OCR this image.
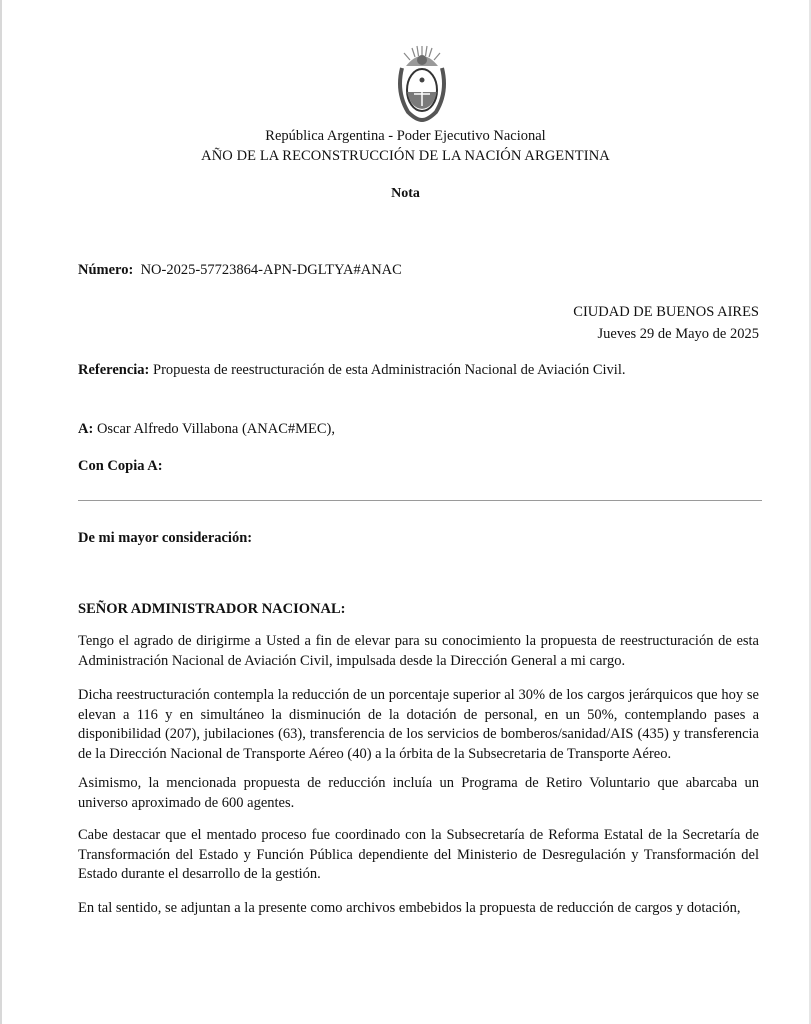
República Argentina - Poder Ejecutivo Nacional
AÑO DE LA RECONSTRUCCIÓN DE LA NACIÓN ARGENTINA
Nota
Número: NO-2025-57723864-APN-DGLTYA#ANAC
CIUDAD DE BUENOS AIRES
Jueves 29 de Mayo de 2025
Referencia: Propuesta de reestructuración de esta Administración Nacional de Aviación Civil.
A: Oscar Alfredo Villabona (ANAC#MEC),
Con Copia A:
De mi mayor consideración:
SEÑOR ADMINISTRADOR NACIONAL:
Tengo el agrado de dirigirme a Usted a fin de elevar para su conocimiento la propuesta de reestructuración de esta Administración Nacional de Aviación Civil, impulsada desde la Dirección General a mi cargo.
Dicha reestructuración contempla la reducción de un porcentaje superior al 30% de los cargos jerárquicos que hoy se elevan a 116 y en simultáneo la disminución de la dotación de personal, en un 50%, contemplando pases a disponibilidad (207), jubilaciones (63), transferencia de los servicios de bomberos/sanidad/AIS (435) y transferencia de la Dirección Nacional de Transporte Aéreo (40) a la órbita de la Subsecretaria de Transporte Aéreo.
Asimismo, la mencionada propuesta de reducción incluía un Programa de Retiro Voluntario que abarcaba un universo aproximado de 600 agentes.
Cabe destacar que el mentado proceso fue coordinado con la Subsecretaría de Reforma Estatal de la Secretaría de Transformación del Estado y Función Pública dependiente del Ministerio de Desregulación y Transformación del Estado durante el desarrollo de la gestión.
En tal sentido, se adjuntan a la presente como archivos embebidos la propuesta de reducción de cargos y dotación,
